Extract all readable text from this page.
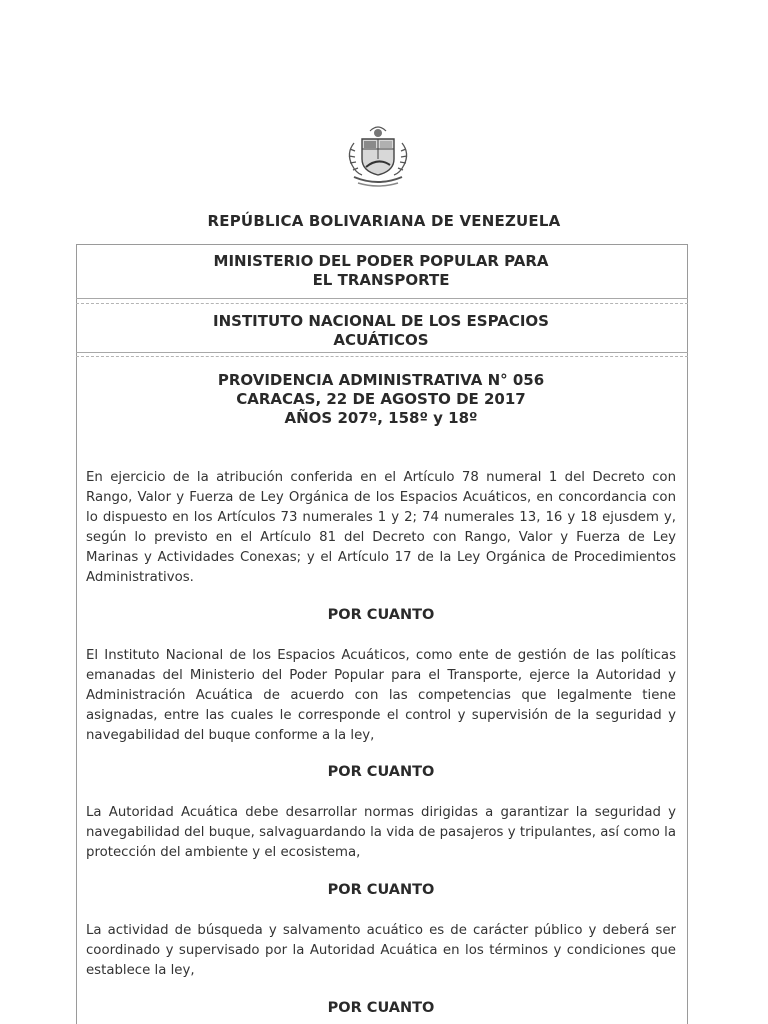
REPÚBLICA BOLIVARIANA DE VENEZUELA
MINISTERIO DEL PODER POPULAR PARA
EL TRANSPORTE
INSTITUTO NACIONAL DE LOS ESPACIOS
ACUÁTICOS
PROVIDENCIA ADMINISTRATIVA N° 056
CARACAS, 22 DE AGOSTO DE 2017
AÑOS 207º, 158º y 18º
En ejercicio de la atribución conferida en el Artículo 78 numeral 1 del Decreto con Rango, Valor y Fuerza de Ley Orgánica de los Espacios Acuáticos, en concordancia con lo dispuesto en los Artículos 73 numerales 1 y 2; 74 numerales 13, 16 y 18 ejusdem y, según lo previsto en el Artículo 81 del Decreto con Rango, Valor y Fuerza de Ley Marinas y Actividades Conexas; y el Artículo 17 de la Ley Orgánica de Procedimientos Administrativos.
POR CUANTO
El Instituto Nacional de los Espacios Acuáticos, como ente de gestión de las políticas emanadas del Ministerio del Poder Popular para el Transporte, ejerce la Autoridad y Administración Acuática de acuerdo con las competencias que legalmente tiene asignadas, entre las cuales le corresponde el control y supervisión de la seguridad y navegabilidad del buque conforme a la ley,
POR CUANTO
La Autoridad Acuática debe desarrollar normas dirigidas a garantizar la seguridad y navegabilidad del buque, salvaguardando la vida de pasajeros y tripulantes, así como la protección del ambiente y el ecosistema,
POR CUANTO
La actividad de búsqueda y salvamento acuático es de carácter público y deberá ser coordinado y supervisado por la Autoridad Acuática en los términos y condiciones que establece la ley,
POR CUANTO
